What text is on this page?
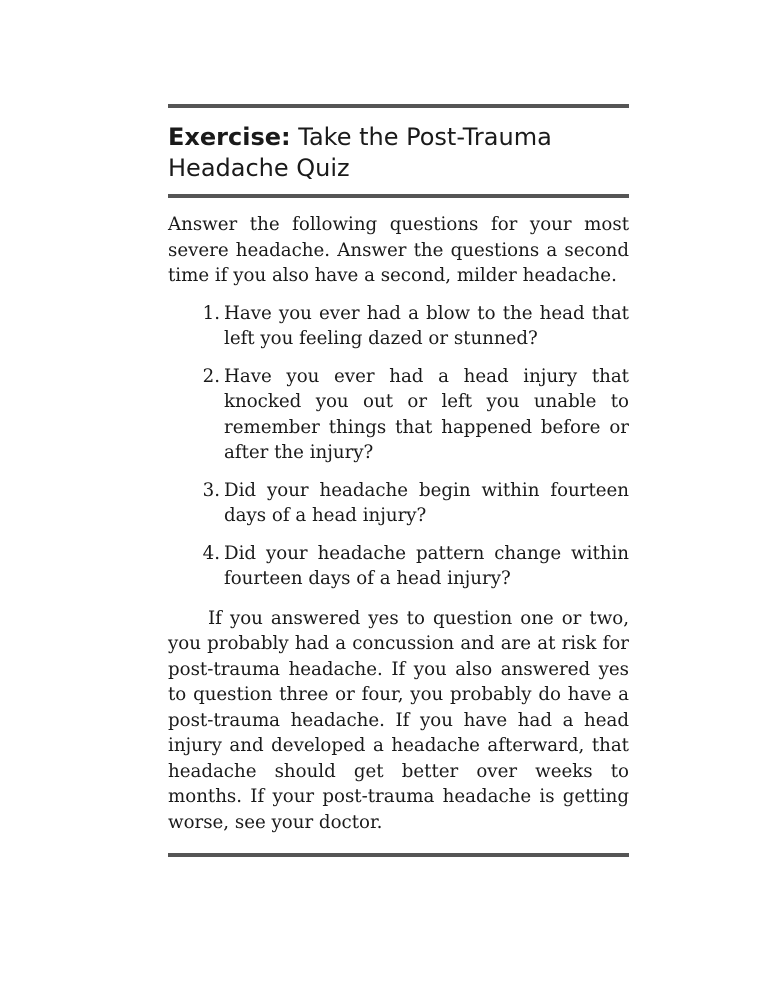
Exercise: Take the Post-Trauma Headache Quiz

Answer the following questions for your most severe headache. Answer the questions a second time if you also have a second, milder headache.

1. Have you ever had a blow to the head that left you feeling dazed or stunned?
2. Have you ever had a head injury that knocked you out or left you unable to remember things that happened before or after the injury?
3. Did your headache begin within fourteen days of a head injury?
4. Did your headache pattern change within fourteen days of a head injury?

If you answered yes to question one or two, you probably had a concussion and are at risk for post-trauma headache. If you also answered yes to question three or four, you probably do have a post-trauma headache. If you have had a head injury and developed a headache afterward, that headache should get better over weeks to months. If your post-trauma headache is getting worse, see your doctor.
